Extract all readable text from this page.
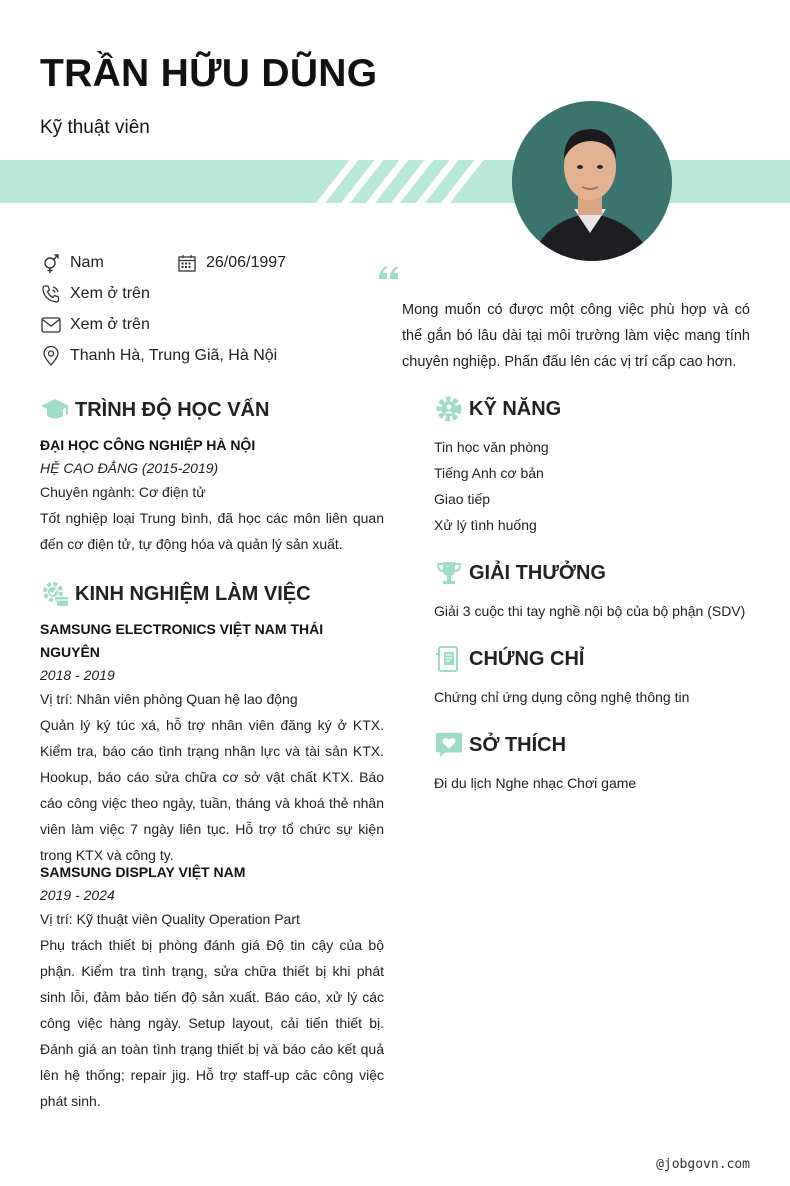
TRẦN HỮU DŨNG
Kỹ thuật viên
Nam	26/06/1997
Xem ở trên
Xem ở trên
Thanh Hà, Trung Giã, Hà Nội
Mong muốn có được một công việc phù hợp và có thể gắn bó lâu dài tại môi trường làm việc mang tính chuyên nghiệp. Phấn đấu lên các vị trí cấp cao hơn.
TRÌNH ĐỘ HỌC VẤN
ĐẠI HỌC CÔNG NGHIỆP HÀ NỘI
HỆ CAO ĐẲNG (2015-2019)
Chuyên ngành: Cơ điện tử
Tốt nghiệp loại Trung bình, đã học các môn liên quan đến cơ điện tử, tự động hóa và quản lý sản xuất.
KINH NGHIỆM LÀM VIỆC
SAMSUNG ELECTRONICS VIỆT NAM THÁI NGUYÊN
2018 - 2019
Vị trí: Nhân viên phòng Quan hệ lao động
Quản lý ký túc xá, hỗ trợ nhân viên đăng ký ở KTX. Kiểm tra, báo cáo tình trạng nhân lực và tài sản KTX. Hookup, báo cáo sửa chữa cơ sở vật chất KTX. Báo cáo công việc theo ngày, tuần, tháng và khoá thẻ nhân viên làm việc 7 ngày liên tục. Hỗ trợ tổ chức sự kiện trong KTX và công ty.
SAMSUNG DISPLAY VIỆT NAM
2019 - 2024
Vị trí: Kỹ thuật viên Quality Operation Part
Phụ trách thiết bị phòng đánh giá Độ tin cậy của bộ phận. Kiểm tra tình trạng, sửa chữa thiết bị khi phát sinh lỗi, đảm bảo tiến độ sản xuất. Báo cáo, xử lý các công việc hàng ngày. Setup layout, cải tiến thiết bị. Đánh giá an toàn tình trạng thiết bị và báo cáo kết quả lên hệ thống; repair jig. Hỗ trợ staff-up các công việc phát sinh.
KỸ NĂNG
Tin học văn phòng
Tiếng Anh cơ bản
Giao tiếp
Xử lý tình huống
GIẢI THƯỞNG
Giải 3 cuộc thi tay nghề nội bộ của bộ phận (SDV)
CHỨNG CHỈ
Chứng chỉ ứng dụng công nghệ thông tin
SỞ THÍCH
Đi du lịch Nghe nhạc Chơi game
@jobgovn.com
